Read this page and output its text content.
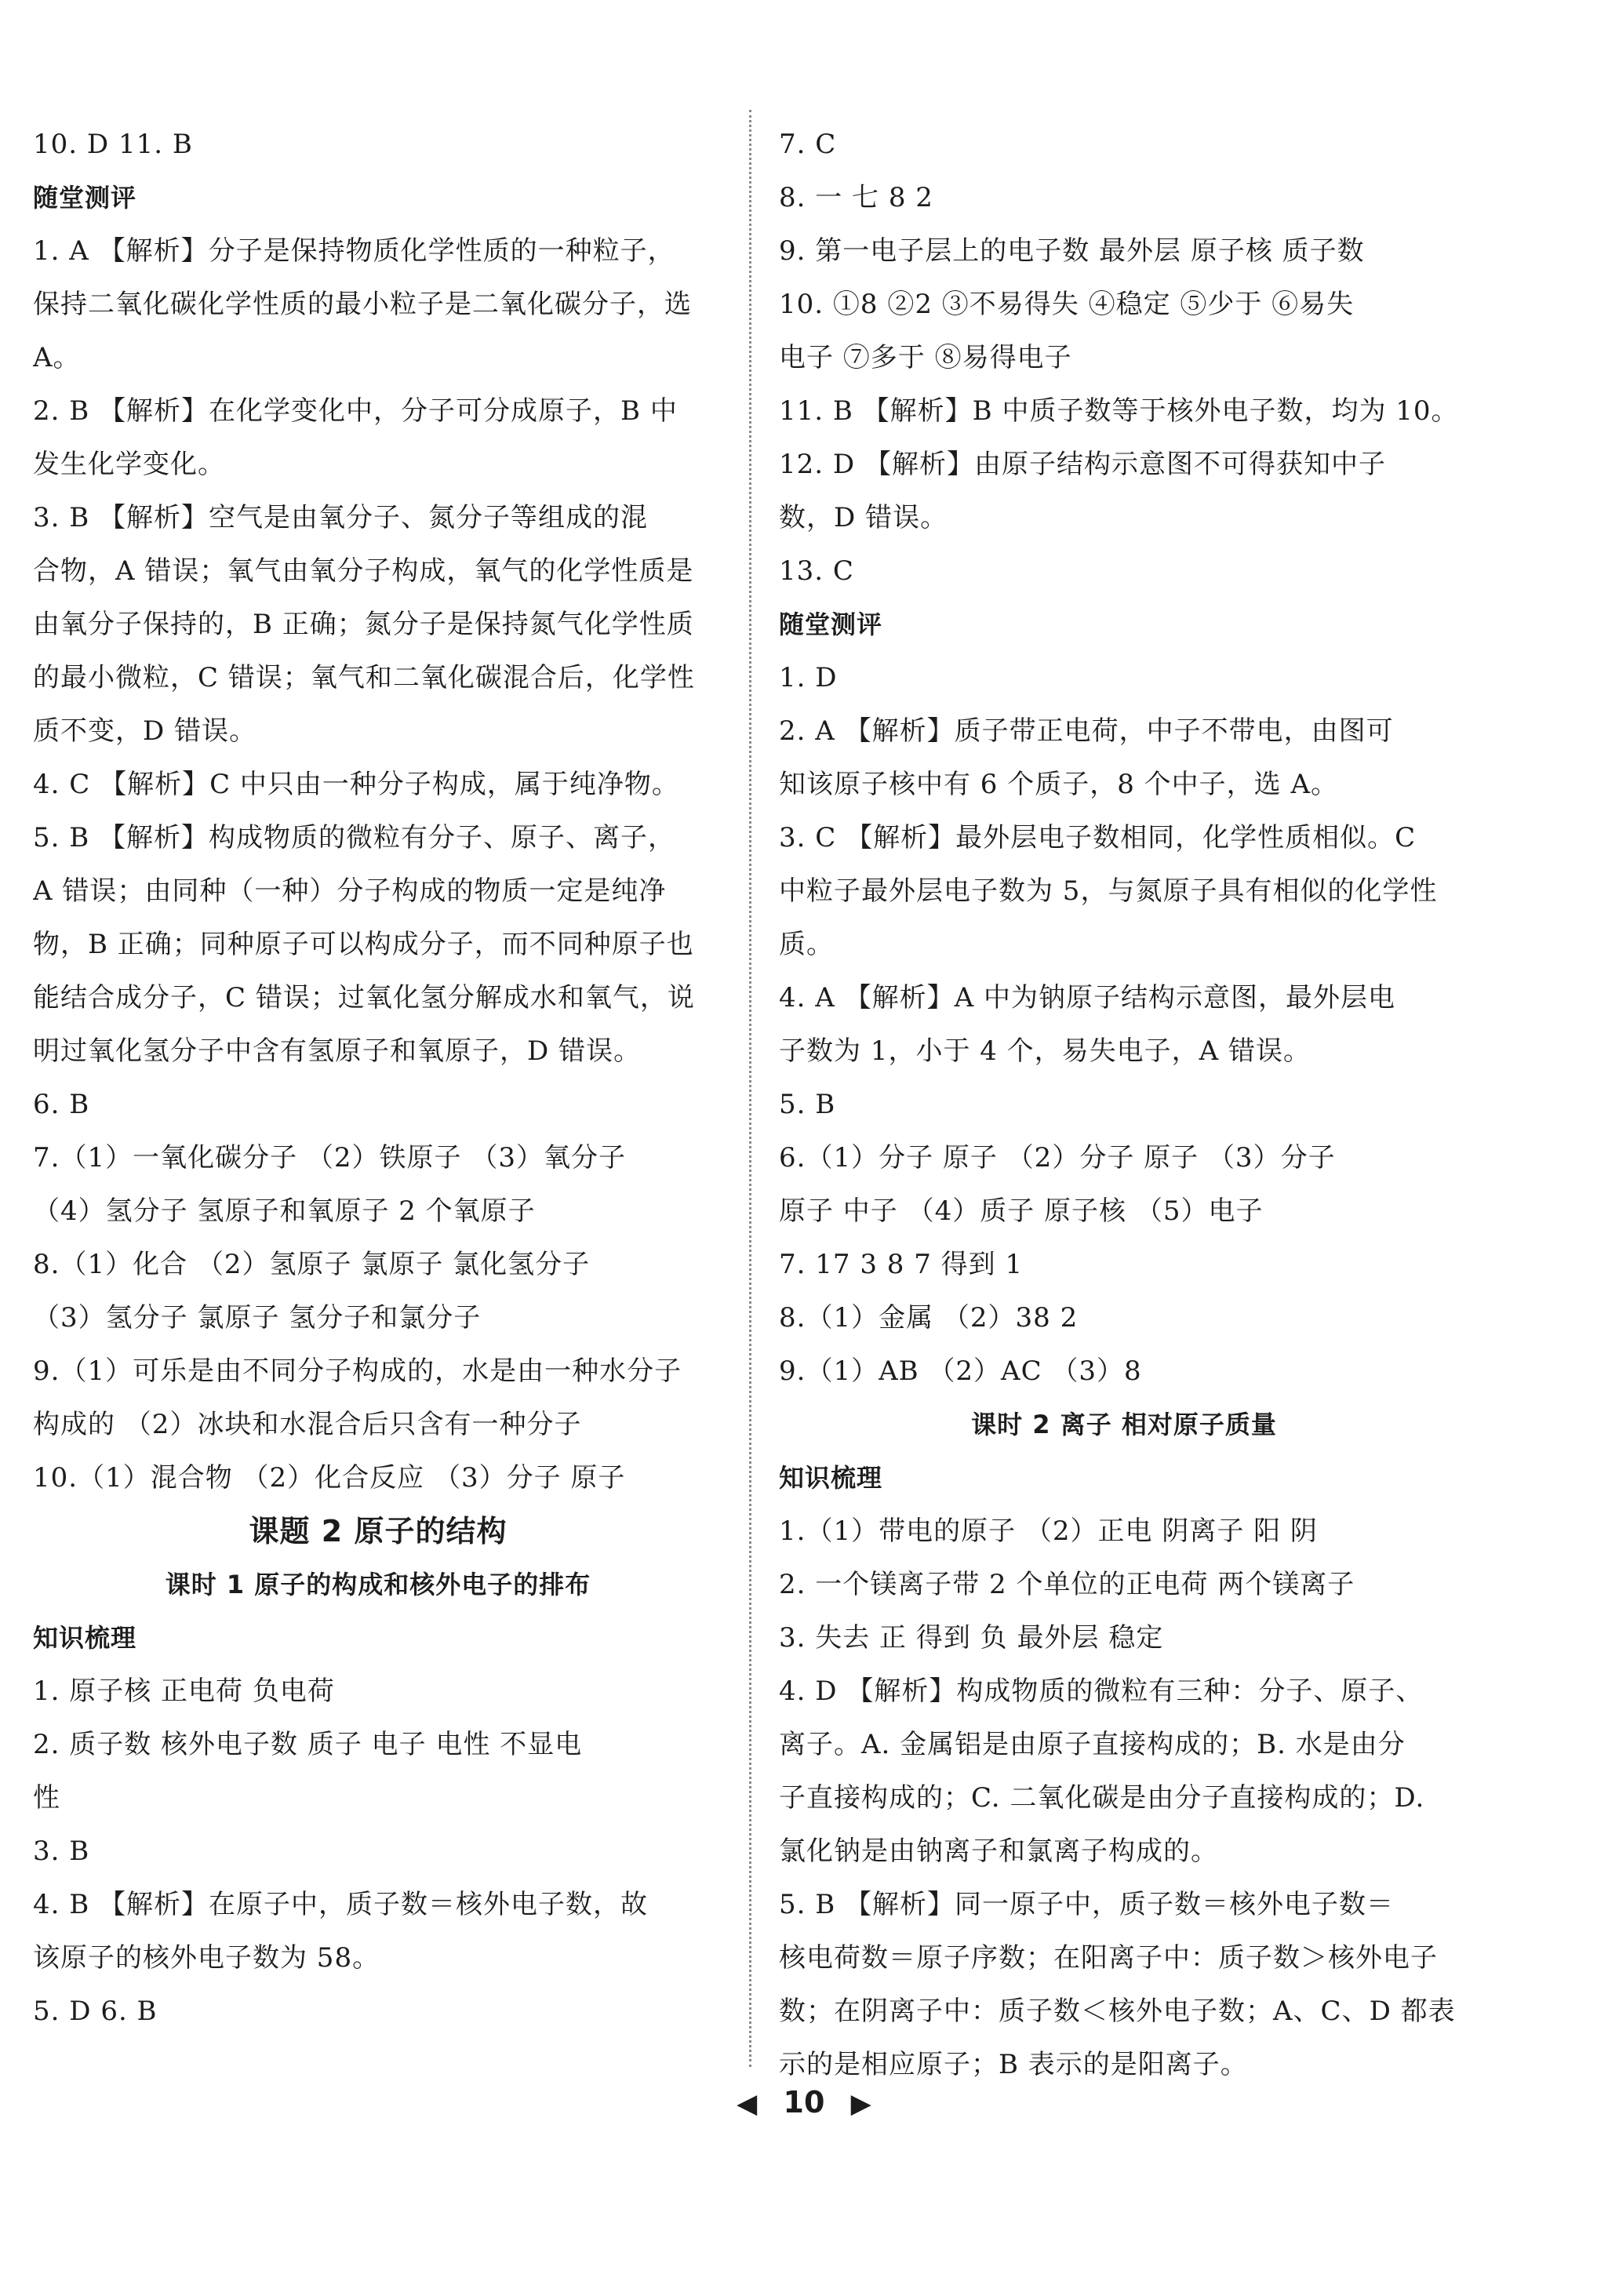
10. D 11. B
随堂测评
1. A 【解析】分子是保持物质化学性质的一种粒子，
保持二氧化碳化学性质的最小粒子是二氧化碳分子，选
A。
2. B 【解析】在化学变化中，分子可分成原子，B 中
发生化学变化。
3. B 【解析】空气是由氧分子、氮分子等组成的混
合物，A 错误；氧气由氧分子构成，氧气的化学性质是
由氧分子保持的，B 正确；氮分子是保持氮气化学性质
的最小微粒，C 错误；氧气和二氧化碳混合后，化学性
质不变，D 错误。
4. C 【解析】C 中只由一种分子构成，属于纯净物。
5. B 【解析】构成物质的微粒有分子、原子、离子，
A 错误；由同种（一种）分子构成的物质一定是纯净
物，B 正确；同种原子可以构成分子，而不同种原子也
能结合成分子，C 错误；过氧化氢分解成水和氧气，说
明过氧化氢分子中含有氢原子和氧原子，D 错误。
6. B
7.（1）一氧化碳分子 （2）铁原子 （3）氧分子
（4）氢分子 氢原子和氧原子 2 个氧原子
8.（1）化合 （2）氢原子 氯原子 氯化氢分子
（3）氢分子 氯原子 氢分子和氯分子
9.（1）可乐是由不同分子构成的，水是由一种水分子
构成的 （2）冰块和水混合后只含有一种分子
10.（1）混合物 （2）化合反应 （3）分子 原子
课题 2 原子的结构
课时 1 原子的构成和核外电子的排布
知识梳理
1. 原子核 正电荷 负电荷
2. 质子数 核外电子数 质子 电子 电性 不显电
性
3. B
4. B 【解析】在原子中，质子数＝核外电子数，故
该原子的核外电子数为 58。
5. D 6. B
7. C
8. 一 七 8 2
9. 第一电子层上的电子数 最外层 原子核 质子数
10. ①8 ②2 ③不易得失 ④稳定 ⑤少于 ⑥易失
电子 ⑦多于 ⑧易得电子
11. B 【解析】B 中质子数等于核外电子数，均为 10。
12. D 【解析】由原子结构示意图不可得获知中子
数，D 错误。
13. C
随堂测评
1. D
2. A 【解析】质子带正电荷，中子不带电，由图可
知该原子核中有 6 个质子，8 个中子，选 A。
3. C 【解析】最外层电子数相同，化学性质相似。C
中粒子最外层电子数为 5，与氮原子具有相似的化学性
质。
4. A 【解析】A 中为钠原子结构示意图，最外层电
子数为 1，小于 4 个，易失电子，A 错误。
5. B
6.（1）分子 原子 （2）分子 原子 （3）分子
原子 中子 （4）质子 原子核 （5）电子
7. 17 3 8 7 得到 1
8.（1）金属 （2）38 2
9.（1）AB （2）AC （3）8
课时 2 离子 相对原子质量
知识梳理
1.（1）带电的原子 （2）正电 阴离子 阳 阴
2. 一个镁离子带 2 个单位的正电荷 两个镁离子
3. 失去 正 得到 负 最外层 稳定
4. D 【解析】构成物质的微粒有三种：分子、原子、
离子。A. 金属铝是由原子直接构成的；B. 水是由分
子直接构成的；C. 二氧化碳是由分子直接构成的；D.
氯化钠是由钠离子和氯离子构成的。
5. B 【解析】同一原子中，质子数＝核外电子数＝
核电荷数＝原子序数；在阳离子中：质子数＞核外电子
数；在阴离子中：质子数＜核外电子数；A、C、D 都表
示的是相应原子；B 表示的是阳离子。
◀ 10 ▶
